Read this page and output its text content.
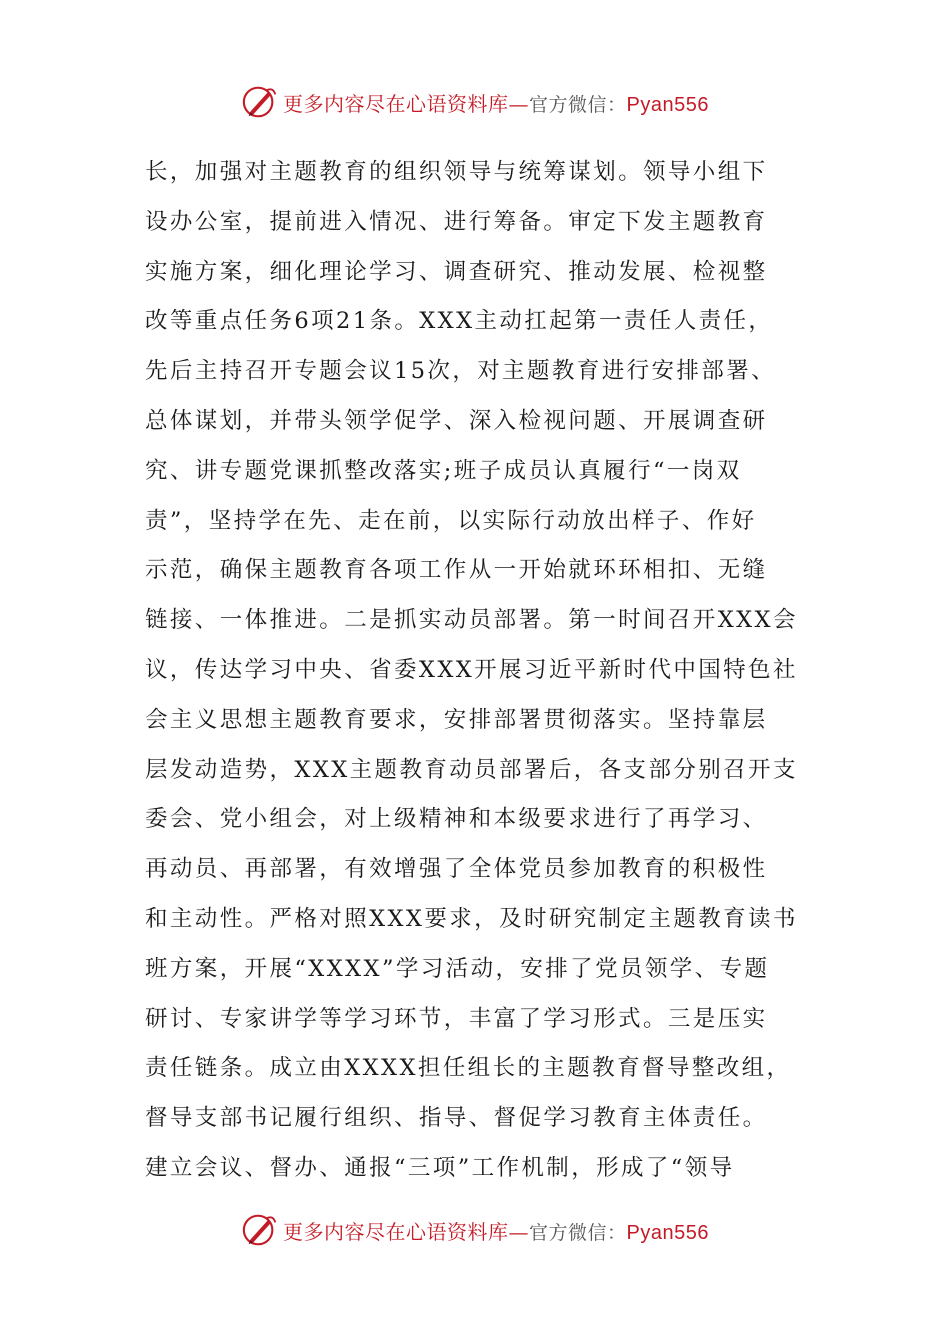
更多内容尽在心语资料库—官方微信：Pyan556
长，加强对主题教育的组织领导与统筹谋划。领导小组下
设办公室，提前进入情况、进行筹备。审定下发主题教育
实施方案，细化理论学习、调查研究、推动发展、检视整
改等重点任务6项21条。XXX主动扛起第一责任人责任，
先后主持召开专题会议15次，对主题教育进行安排部署、
总体谋划，并带头领学促学、深入检视问题、开展调查研
究、讲专题党课抓整改落实;班子成员认真履行“一岗双
责”，坚持学在先、走在前，以实际行动放出样子、作好
示范，确保主题教育各项工作从一开始就环环相扣、无缝
链接、一体推进。二是抓实动员部署。第一时间召开XXX会
议，传达学习中央、省委XXX开展习近平新时代中国特色社
会主义思想主题教育要求，安排部署贯彻落实。坚持靠层
层发动造势，XXX主题教育动员部署后，各支部分别召开支
委会、党小组会，对上级精神和本级要求进行了再学习、
再动员、再部署，有效增强了全体党员参加教育的积极性
和主动性。严格对照XXX要求，及时研究制定主题教育读书
班方案，开展“XXXX”学习活动，安排了党员领学、专题
研讨、专家讲学等学习环节，丰富了学习形式。三是压实
责任链条。成立由XXXX担任组长的主题教育督导整改组，
督导支部书记履行组织、指导、督促学习教育主体责任。
建立会议、督办、通报“三项”工作机制，形成了“领导
更多内容尽在心语资料库—官方微信：Pyan556
